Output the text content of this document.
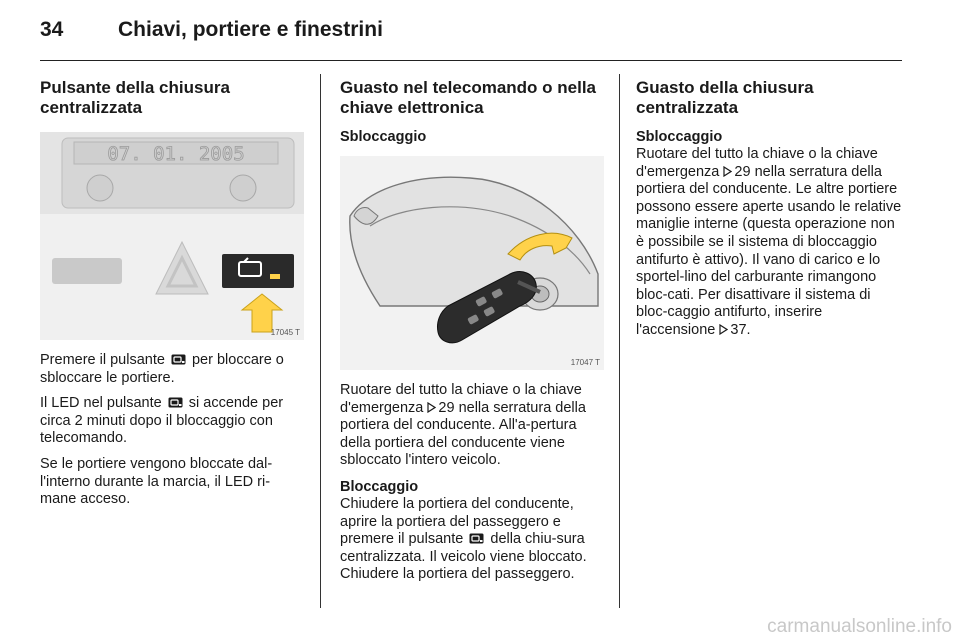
34	Chiavi, portiere e finestrini
Pulsante della chiusura centralizzata
07. 01. 2005
17045 T

Premere il pulsante per bloccare o sbloccare le portiere.

Il LED nel pulsante si accende per circa 2 minuti dopo il bloccaggio con telecomando.

Se le portiere vengono bloccate dal-l'interno durante la marcia, il LED ri-mane acceso.

Guasto nel telecomando o nella chiave elettronica
Sbloccaggio
17047 T

Ruotare del tutto la chiave o la chiave d'emergenza 29 nella serratura della portiera del conducente. All'a-pertura della portiera del conducente viene sbloccato l'intero veicolo.

Bloccaggio

Chiudere la portiera del conducente, aprire la portiera del passeggero e premere il pulsante della chiu-sura centralizzata. Il veicolo viene bloccato. Chiudere la portiera del passeggero.

Guasto della chiusura centralizzata
Sbloccaggio

Ruotare del tutto la chiave o la chiave d'emergenza 29 nella serratura della portiera del conducente. Le altre portiere possono essere aperte usando le relative maniglie interne (questa operazione non è possibile se il sistema di bloccaggio antifurto è attivo). Il vano di carico e lo sportel-lino del carburante rimangono bloc-cati. Per disattivare il sistema di bloc-caggio antifurto, inserire l'accensione 37.

carmanualsonline.info
